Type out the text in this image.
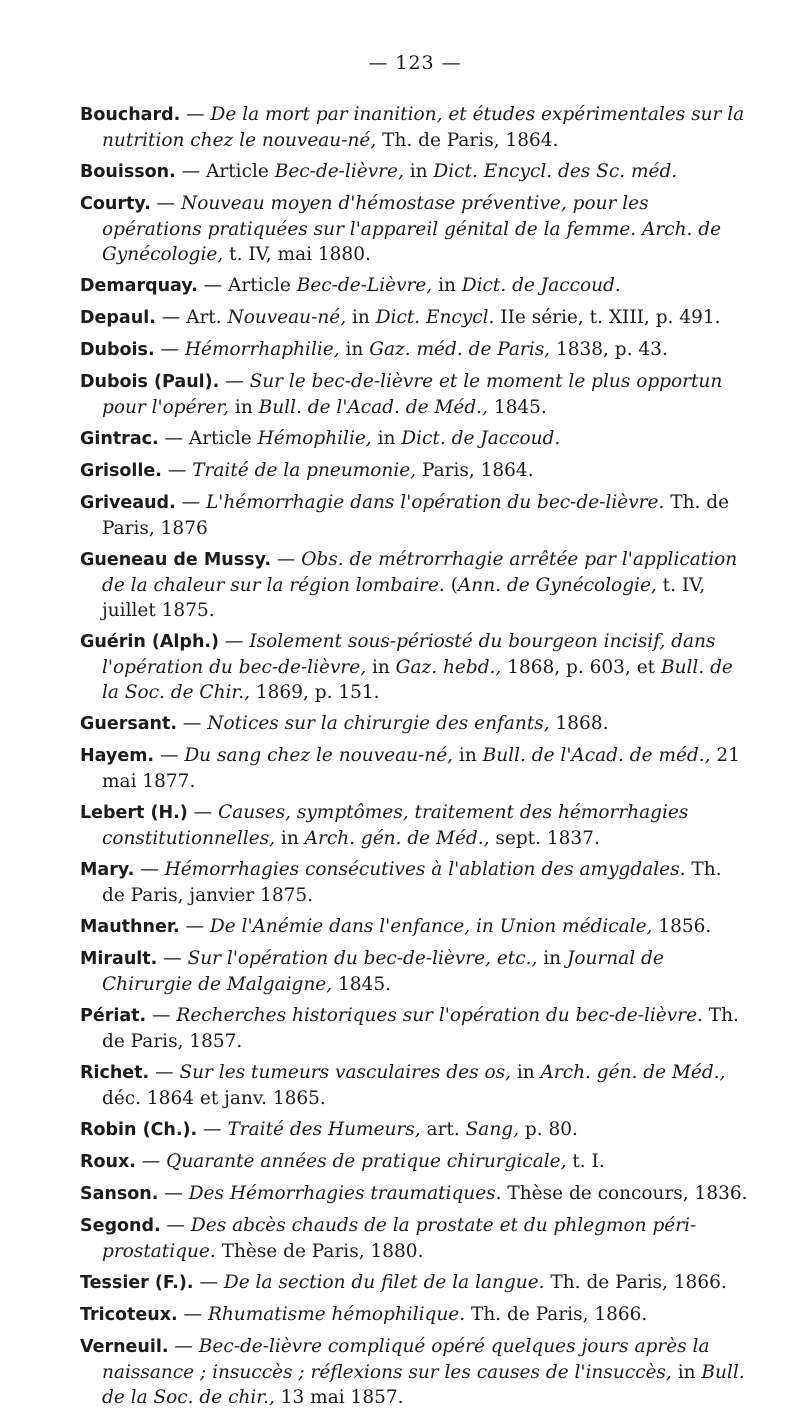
— 123 —
Bouchard. — De la mort par inanition, et études expérimentales sur la nutrition chez le nouveau-né, Th. de Paris, 1864.
Bouisson. — Article Bec-de-lièvre, in Dict. Encycl. des Sc. méd.
Courty. — Nouveau moyen d'hémostase préventive, pour les opérations pratiquées sur l'appareil génital de la femme. Arch. de Gynécologie, t. IV, mai 1880.
Demarquay. — Article Bec-de-Lièvre, in Dict. de Jaccoud.
Depaul. — Art. Nouveau-né, in Dict. Encycl. IIe série, t. XIII, p. 491.
Dubois. — Hémorrhaphilie, in Gaz. méd. de Paris, 1838, p. 43.
Dubois (Paul). — Sur le bec-de-lièvre et le moment le plus opportun pour l'opérer, in Bull. de l'Acad. de Méd., 1845.
Gintrac. — Article Hémophilie, in Dict. de Jaccoud.
Grisolle. — Traité de la pneumonie, Paris, 1864.
Griveaud. — L'hémorrhagie dans l'opération du bec-de-lièvre. Th. de Paris, 1876
Gueneau de Mussy. — Obs. de métrorrhagie arrêtée par l'application de la chaleur sur la région lombaire. (Ann. de Gynécologie, t. IV, juillet 1875.
Guérin (Alph.) — Isolement sous-périosté du bourgeon incisif, dans l'opération du bec-de-lièvre, in Gaz. hebd., 1868, p. 603, et Bull. de la Soc. de Chir., 1869, p. 151.
Guersant. — Notices sur la chirurgie des enfants, 1868.
Hayem. — Du sang chez le nouveau-né, in Bull. de l'Acad. de méd., 21 mai 1877.
Lebert (H.) — Causes, symptômes, traitement des hémorrhagies constitutionnelles, in Arch. gén. de Méd., sept. 1837.
Mary. — Hémorrhagies consécutives à l'ablation des amygdales. Th. de Paris, janvier 1875.
Mauthner. — De l'Anémie dans l'enfance, in Union médicale, 1856.
Mirault. — Sur l'opération du bec-de-lièvre, etc., in Journal de Chirurgie de Malgaigne, 1845.
Périat. — Recherches historiques sur l'opération du bec-de-lièvre. Th. de Paris, 1857.
Richet. — Sur les tumeurs vasculaires des os, in Arch. gén. de Méd., déc. 1864 et janv. 1865.
Robin (Ch.). — Traité des Humeurs, art. Sang, p. 80.
Roux. — Quarante années de pratique chirurgicale, t. I.
Sanson. — Des Hémorrhagies traumatiques. Thèse de concours, 1836.
Segond. — Des abcès chauds de la prostate et du phlegmon péri-prostatique. Thèse de Paris, 1880.
Tessier (F.). — De la section du filet de la langue. Th. de Paris, 1866.
Tricoteux. — Rhumatisme hémophilique. Th. de Paris, 1866.
Verneuil. — Bec-de-lièvre compliqué opéré quelques jours après la naissance ; insuccès ; réflexions sur les causes de l'insuccès, in Bull. de la Soc. de chir., 13 mai 1857.
